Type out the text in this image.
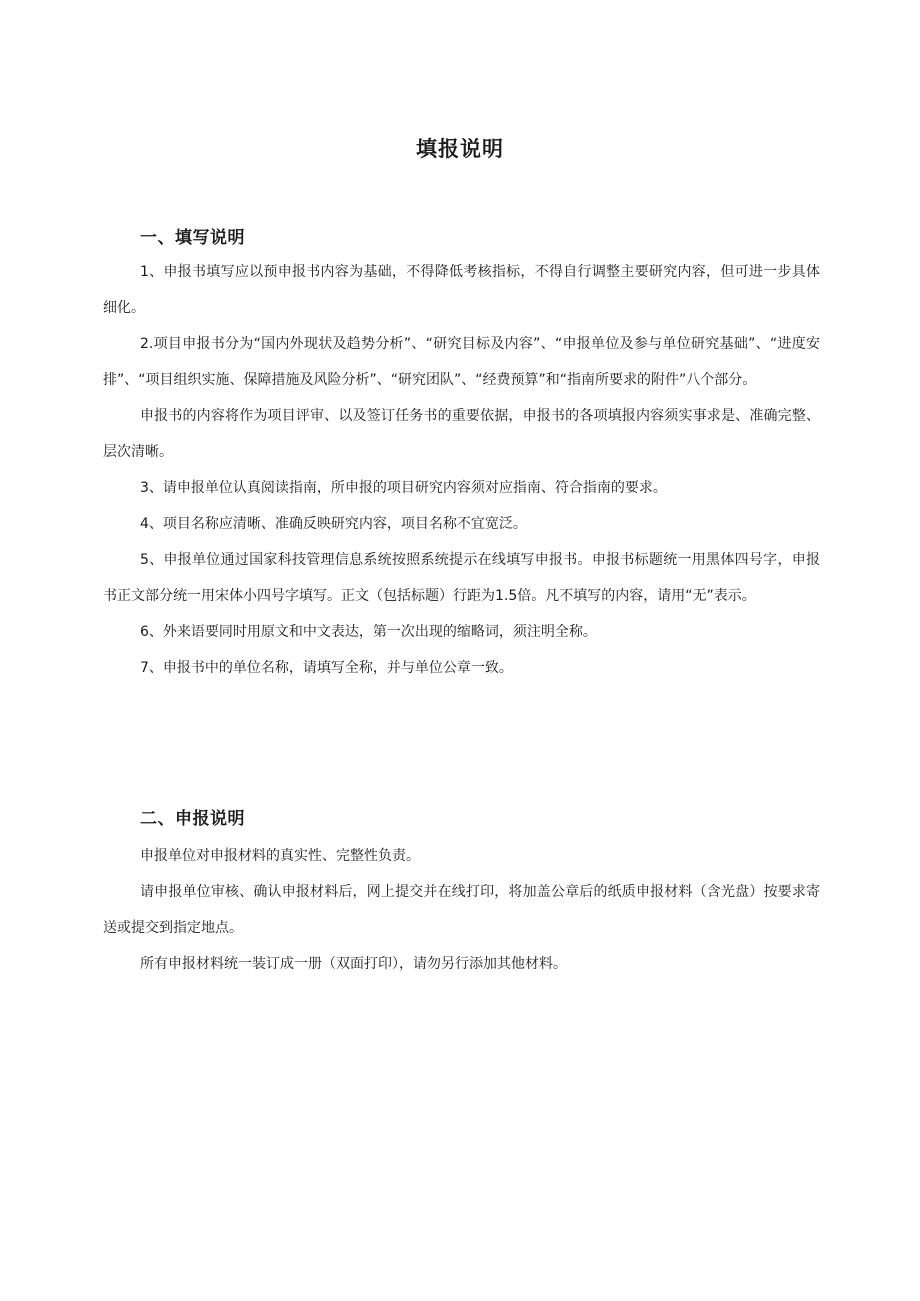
填报说明
一、填写说明

1、申报书填写应以预申报书内容为基础，不得降低考核指标，不得自行调整主要研究内容，但可进一步具体细化。

2.项目申报书分为“国内外现状及趋势分析”、“研究目标及内容”、“申报单位及参与单位研究基础”、“进度安排”、“项目组织实施、保障措施及风险分析”、“研究团队”、“经费预算”和“指南所要求的附件”八个部分。

申报书的内容将作为项目评审、以及签订任务书的重要依据，申报书的各项填报内容须实事求是、准确完整、层次清晰。

3、请申报单位认真阅读指南，所申报的项目研究内容须对应指南、符合指南的要求。

4、项目名称应清晰、准确反映研究内容，项目名称不宜宽泛。

5、申报单位通过国家科技管理信息系统按照系统提示在线填写申报书。申报书标题统一用黑体四号字，申报书正文部分统一用宋体小四号字填写。正文（包括标题）行距为1.5倍。凡不填写的内容，请用“无”表示。

6、外来语要同时用原文和中文表达，第一次出现的缩略词，须注明全称。

7、申报书中的单位名称，请填写全称，并与单位公章一致。

二、申报说明

申报单位对申报材料的真实性、完整性负责。

请申报单位审核、确认申报材料后，网上提交并在线打印，将加盖公章后的纸质申报材料（含光盘）按要求寄送或提交到指定地点。

所有申报材料统一装订成一册（双面打印），请勿另行添加其他材料。
